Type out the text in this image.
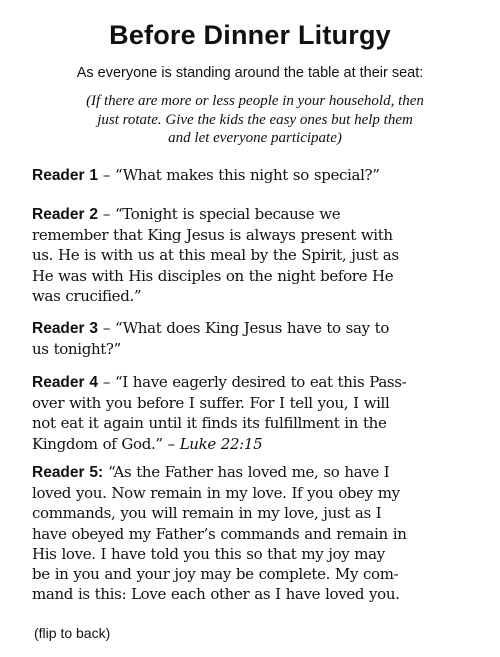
Before Dinner Liturgy
As everyone is standing around the table at their seat:
(If there are more or less people in your household, then
just rotate. Give the kids the easy ones but help them
and let everyone participate)
Reader 1 – “What makes this night so special?”
Reader 2 – “Tonight is special because we
remember that King Jesus is always present with
us. He is with us at this meal by the Spirit, just as
He was with His disciples on the night before He
was crucified.”
Reader 3 – “What does King Jesus have to say to
us tonight?”
Reader 4 – “I have eagerly desired to eat this Pass-
over with you before I suffer. For I tell you, I will
not eat it again until it finds its fulfillment in the
Kingdom of God.” – Luke 22:15
Reader 5: “As the Father has loved me, so have I
loved you. Now remain in my love. If you obey my
commands, you will remain in my love, just as I
have obeyed my Father’s commands and remain in
His love. I have told you this so that my joy may
be in you and your joy may be complete. My com-
mand is this: Love each other as I have loved you.
(flip to back)
